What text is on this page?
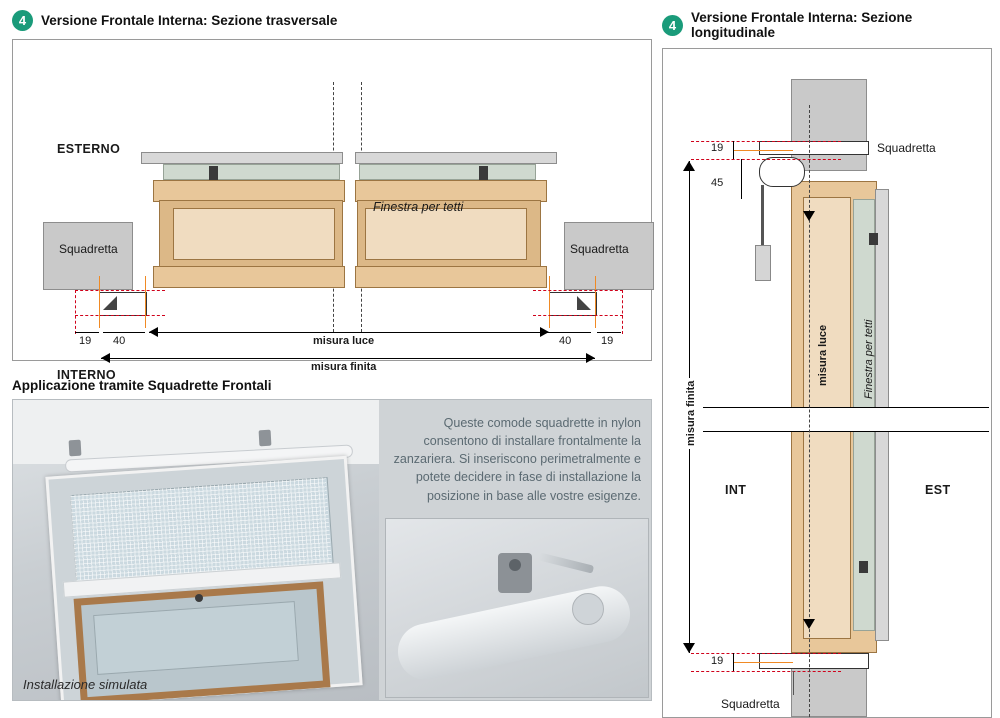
4	Versione Frontale Interna: Sezione trasversale
misura luce
misura finita
19 40	40	19
ESTERNO
INTERNO
Squadretta	Squadretta
Finestra per tetti
Applicazione tramite Squadrette Frontali
Installazione simulata
Queste comode squadrette in nylon consentono di installare frontalmente la zanzariera. Si inseriscono perimetralmente e potete decidere in fase di installazione la posizione in base alle vostre esigenze.
4	Versione Frontale Interna: Sezione longitudinale
19
45
19
misura finita
misura luce	Finestra per tetti
Squadretta
Squadretta
INT	EST
